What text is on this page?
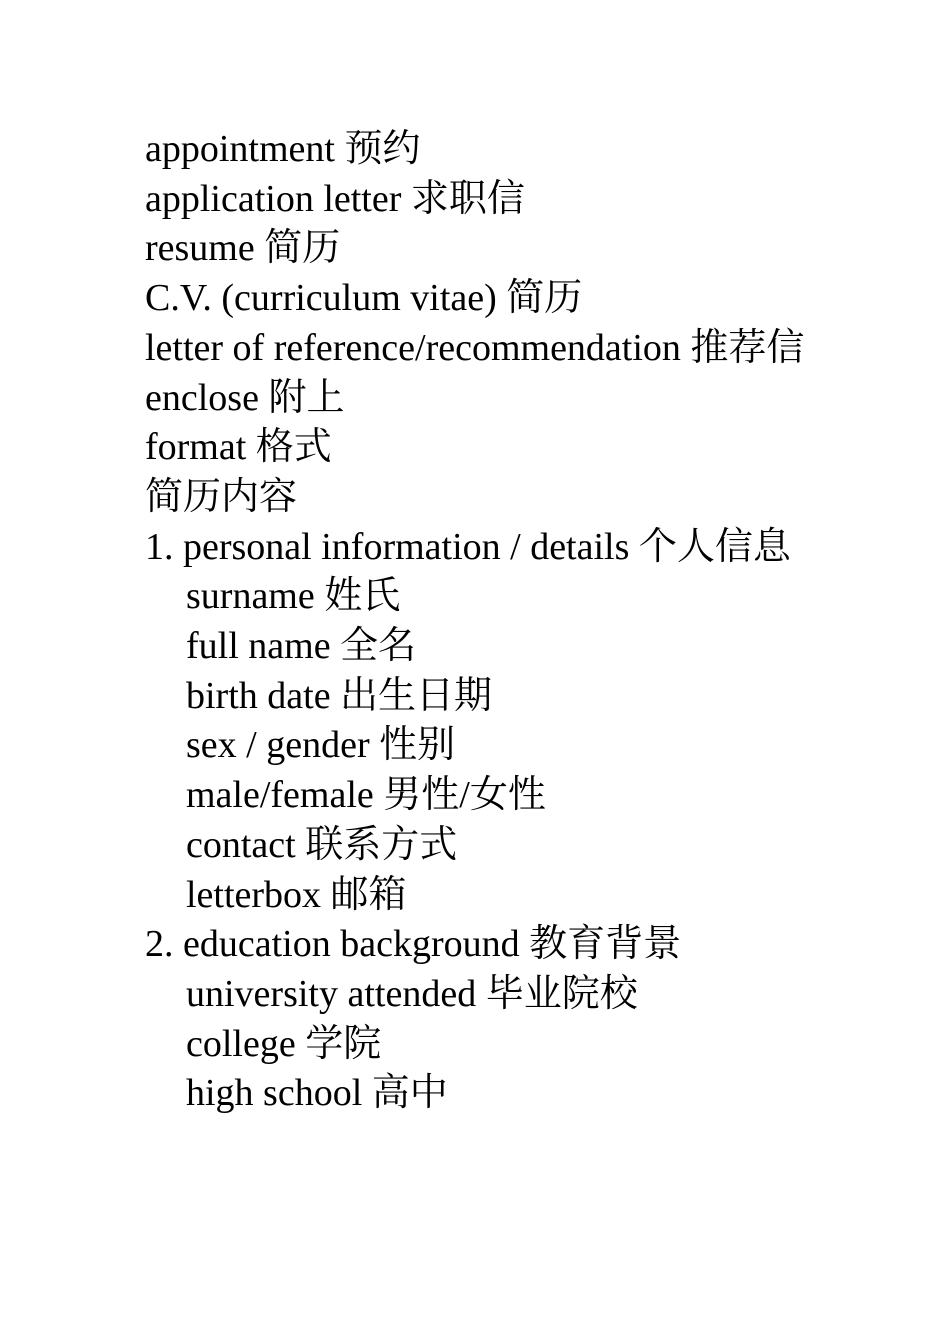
appointment 预约

application letter 求职信

resume 简历

C.V. (curriculum vitae) 简历

letter of reference/recommendation 推荐信

enclose 附上

format 格式

简历内容

1. personal information / details 个人信息

surname 姓氏

full name 全名

birth date 出生日期

sex / gender 性别

male/female 男性/女性

contact 联系方式

letterbox 邮箱

2. education background 教育背景

university attended 毕业院校

college 学院

high school 高中
